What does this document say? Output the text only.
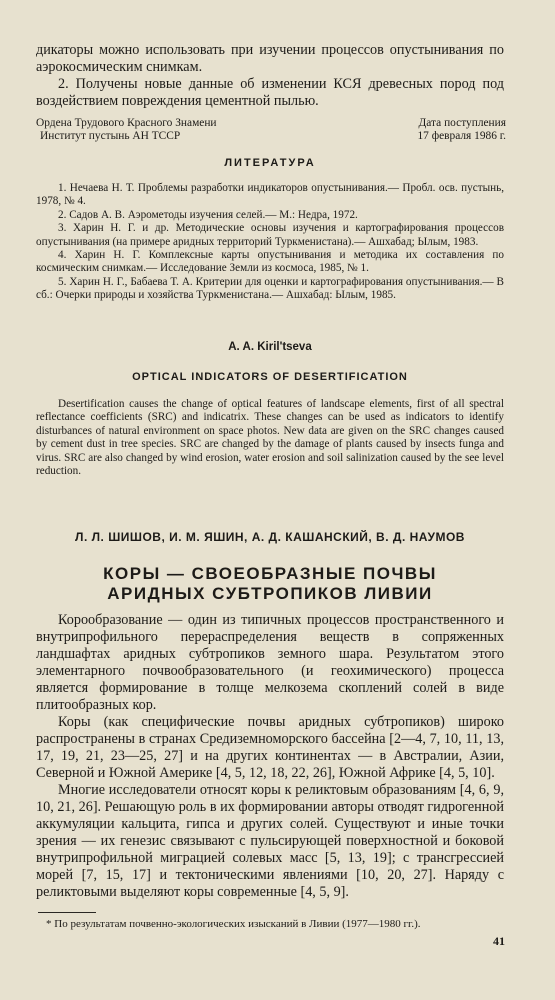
дикаторы можно использовать при изучении процессов опустынивания по аэрокосмическим снимкам.
2. Получены новые данные об изменении КСЯ древесных пород под воздействием повреждения цементной пылью.
Ордена Трудового Красного Знамени	Дата поступления
Институт пустынь АН ТССР	17 февраля 1986 г.
ЛИТЕРАТУРА
1. Нечаева Н. Т. Проблемы разработки индикаторов опустынивания.— Пробл. осв. пустынь, 1978, № 4.
2. Садов А. В. Аэрометоды изучения селей.— М.: Недра, 1972.
3. Харин Н. Г. и др. Методические основы изучения и картографирования процессов опустынивания (на примере аридных территорий Туркменистана).— Ашхабад; Ылым, 1983.
4. Харин Н. Г. Комплексные карты опустынивания и методика их составления по космическим снимкам.— Исследование Земли из космоса, 1985, № 1.
5. Харин Н. Г., Бабаева Т. А. Критерии для оценки и картографирования опустынивания.— В сб.: Очерки природы и хозяйства Туркменистана.— Ашхабад: Ылым, 1985.
A. A. Kiril'tseva
OPTICAL INDICATORS OF DESERTIFICATION
Desertification causes the change of optical features of landscape elements, first of all spectral reflectance coefficients (SRC) and indicatrix. These changes can be used as indicators to identify disturbances of natural environment on space photos. New data are given on the SRC changes caused by cement dust in tree species. SRC are changed by the damage of plants caused by insects funga and virus. SRC are also changed by wind erosion, water erosion and soil salinization caused by the see level reduction.
Л. Л. ШИШОВ, И. М. ЯШИН, А. Д. КАШАНСКИЙ, В. Д. НАУМОВ
КОРЫ — СВОЕОБРАЗНЫЕ ПОЧВЫ
АРИДНЫХ СУБТРОПИКОВ ЛИВИИ
Корообразование — один из типичных процессов пространственного и внутрипрофильного перераспределения веществ в сопряженных ландшафтах аридных субтропиков земного шара. Результатом этого элементарного почвообразовательного (и геохимического) процесса является формирование в толще мелкозема скоплений солей в виде плитообразных кор.
Коры (как специфические почвы аридных субтропиков) широко распространены в странах Средиземноморского бассейна [2—4, 7, 10, 11, 13, 17, 19, 21, 23—25, 27] и на других континентах — в Австралии, Азии, Северной и Южной Америке [4, 5, 12, 18, 22, 26], Южной Африке [4, 5, 10].
Многие исследователи относят коры к реликтовым образованиям [4, 6, 9, 10, 21, 26]. Решающую роль в их формировании авторы отводят гидрогенной аккумуляции кальцита, гипса и других солей. Существуют и иные точки зрения — их генезис связывают с пульсирующей поверхностной и боковой внутрипрофильной миграцией солевых масс [5, 13, 19]; с трансгрессией морей [7, 15, 17] и тектоническими явлениями [10, 20, 27]. Наряду с реликтовыми выделяют коры современные [4, 5, 9].
* По результатам почвенно-экологических изысканий в Ливии (1977—1980 гг.).
41
